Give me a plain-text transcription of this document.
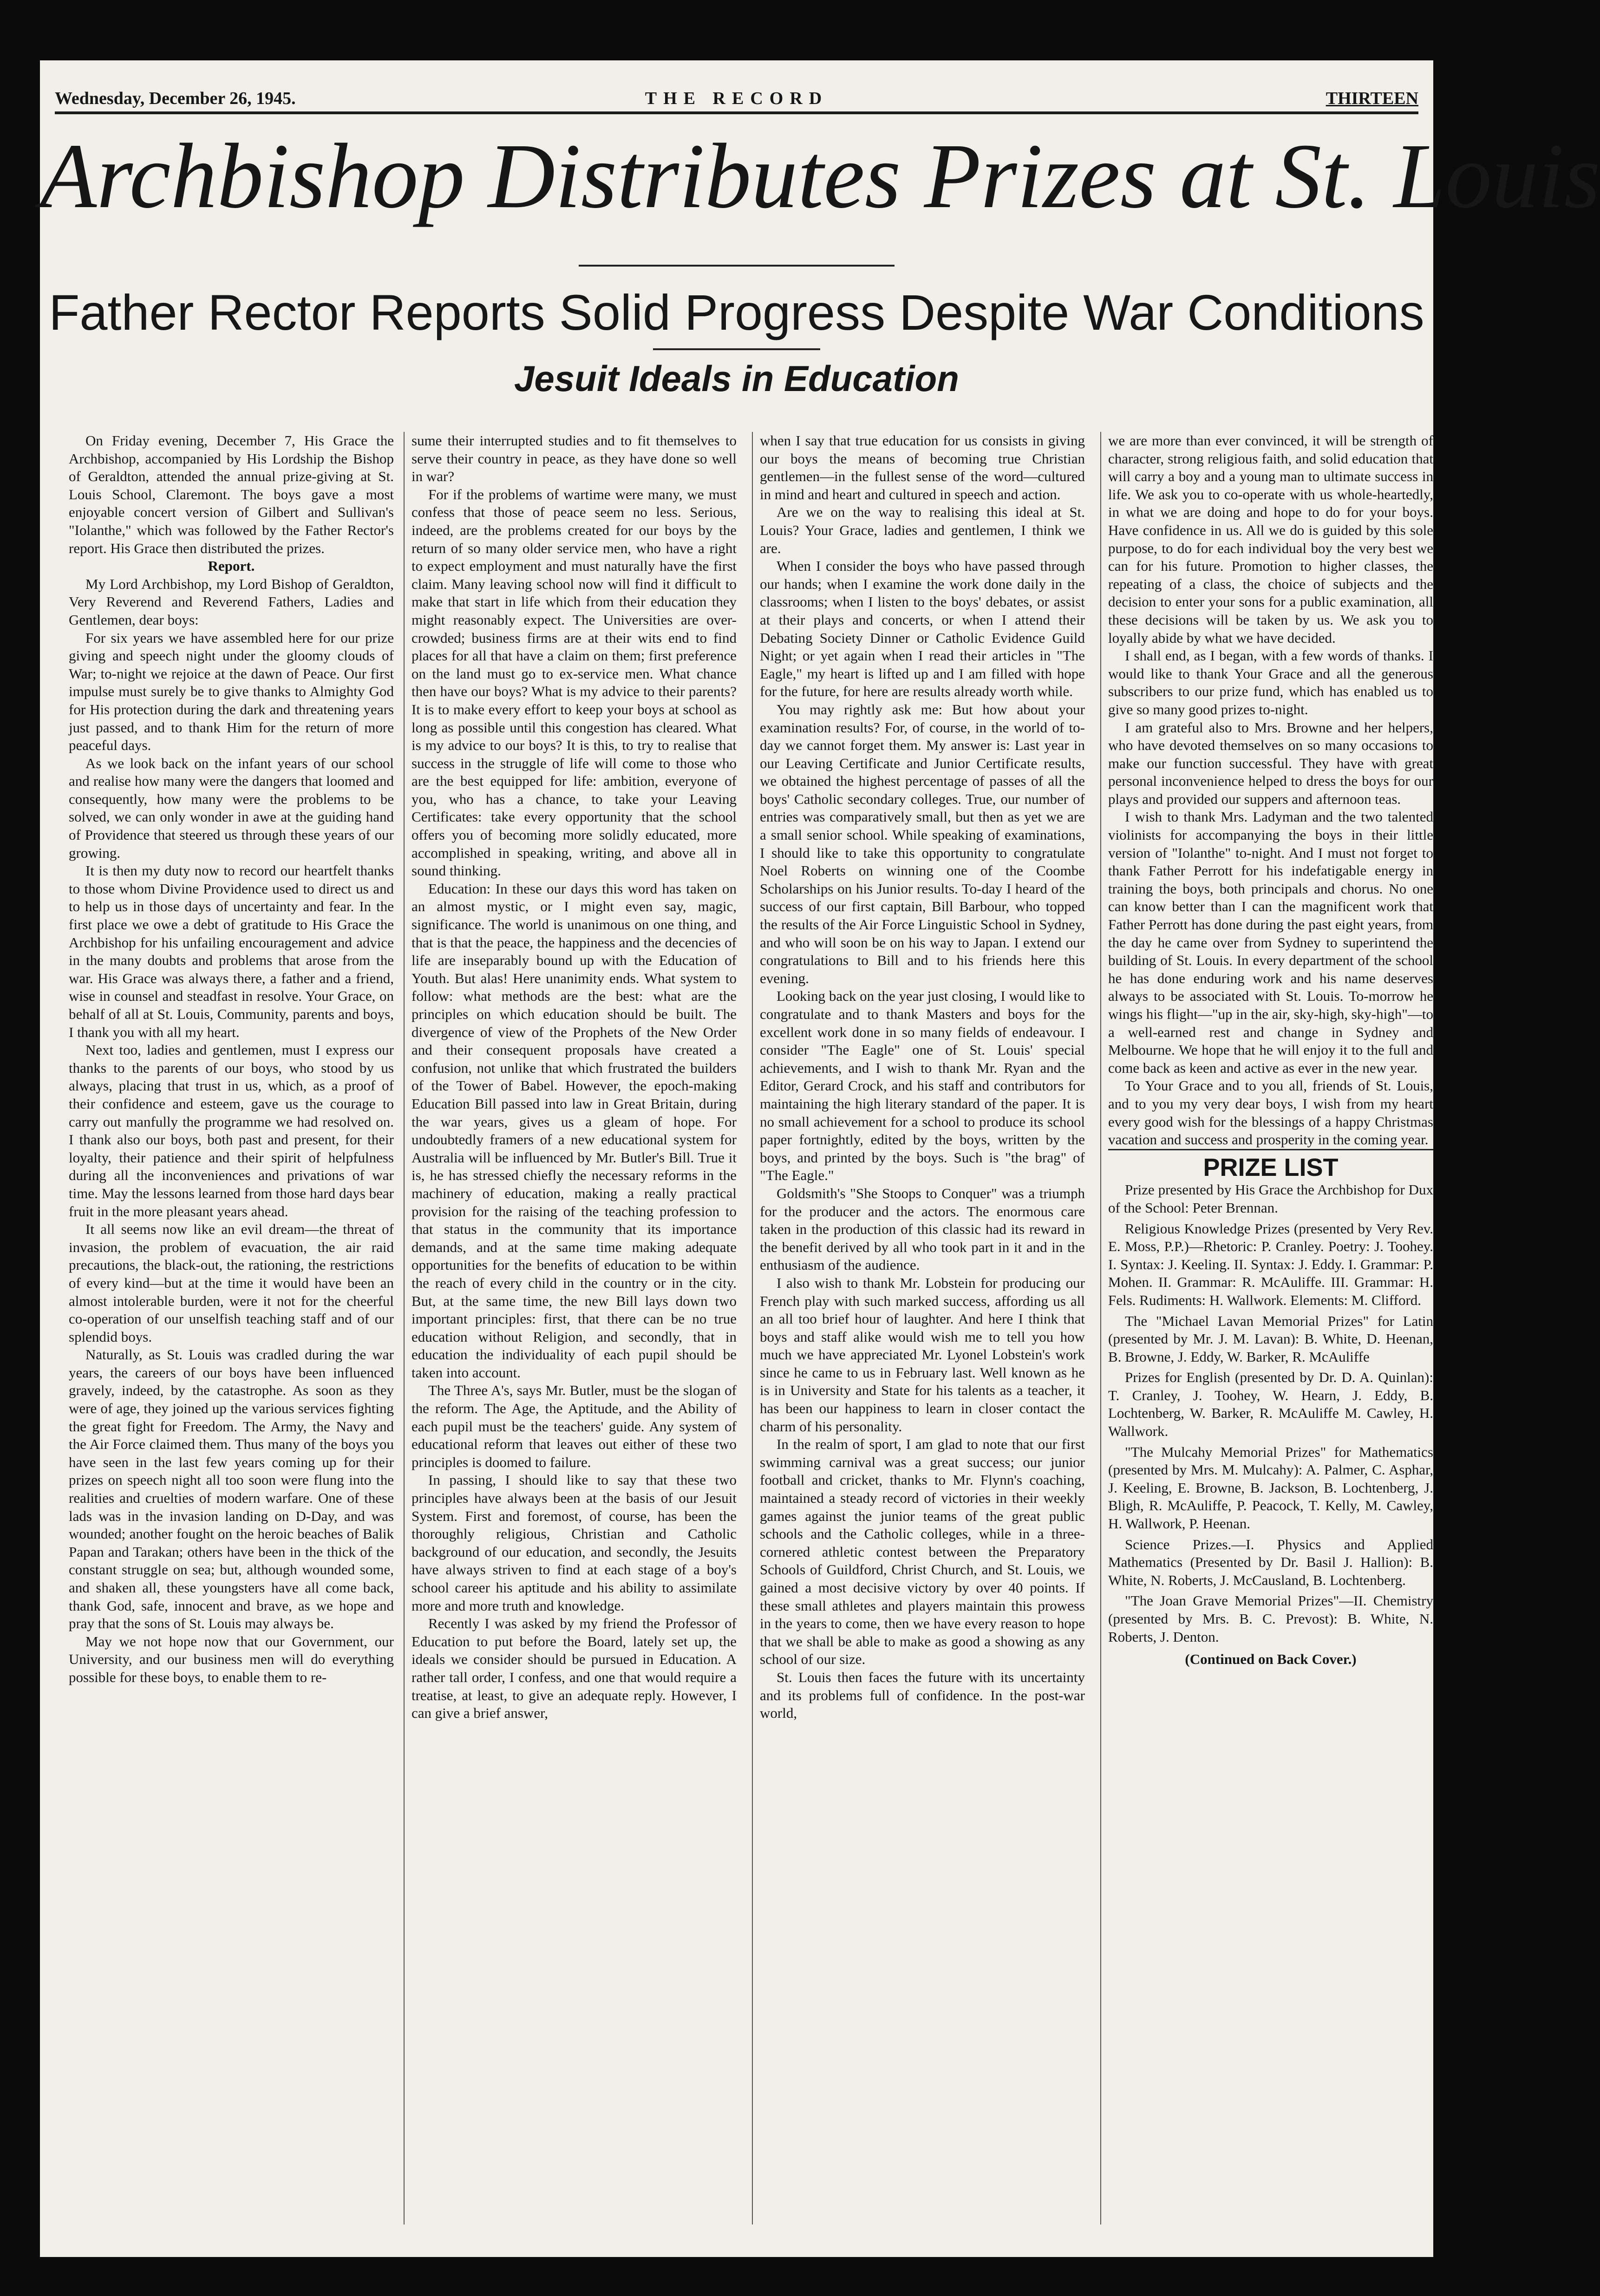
Wednesday, December 26, 1945.	THE RECORD	THIRTEEN
Archbishop Distributes Prizes at St. Louis
Father Rector Reports Solid Progress Despite War Conditions
Jesuit Ideals in Education

On Friday evening, December 7, His Grace the Archbishop, accompanied by His Lordship the Bishop of Geraldton, attended the annual prize-giving at St. Louis School, Claremont. The boys gave a most enjoyable concert version of Gilbert and Sullivan's "Iolanthe," which was followed by the Father Rector's report. His Grace then distributed the prizes.

Report.

My Lord Archbishop, my Lord Bishop of Geraldton, Very Reverend and Reverend Fathers, Ladies and Gentlemen, dear boys:

For six years we have assembled here for our prize giving and speech night under the gloomy clouds of War; to-night we rejoice at the dawn of Peace. Our first impulse must surely be to give thanks to Almighty God for His protection during the dark and threatening years just passed, and to thank Him for the return of more peaceful days.

As we look back on the infant years of our school and realise how many were the dangers that loomed and consequently, how many were the problems to be solved, we can only wonder in awe at the guiding hand of Providence that steered us through these years of our growing.

It is then my duty now to record our heartfelt thanks to those whom Divine Providence used to direct us and to help us in those days of uncertainty and fear. In the first place we owe a debt of gratitude to His Grace the Archbishop for his unfailing encouragement and advice in the many doubts and problems that arose from the war. His Grace was always there, a father and a friend, wise in counsel and steadfast in resolve. Your Grace, on behalf of all at St. Louis, Community, parents and boys, I thank you with all my heart.

Next too, ladies and gentlemen, must I express our thanks to the parents of our boys, who stood by us always, placing that trust in us, which, as a proof of their confidence and esteem, gave us the courage to carry out manfully the programme we had resolved on. I thank also our boys, both past and present, for their loyalty, their patience and their spirit of helpfulness during all the inconveniences and privations of war time. May the lessons learned from those hard days bear fruit in the more pleasant years ahead.

It all seems now like an evil dream—the threat of invasion, the problem of evacuation, the air raid precautions, the black-out, the rationing, the restrictions of every kind—but at the time it would have been an almost intolerable burden, were it not for the cheerful co-operation of our unselfish teaching staff and of our splendid boys.

Naturally, as St. Louis was cradled during the war years, the careers of our boys have been influenced gravely, indeed, by the catastrophe. As soon as they were of age, they joined up the various services fighting the great fight for Freedom. The Army, the Navy and the Air Force claimed them. Thus many of the boys you have seen in the last few years coming up for their prizes on speech night all too soon were flung into the realities and cruelties of modern warfare. One of these lads was in the invasion landing on D-Day, and was wounded; another fought on the heroic beaches of Balik Papan and Tarakan; others have been in the thick of the constant struggle on sea; but, although wounded some, and shaken all, these youngsters have all come back, thank God, safe, innocent and brave, as we hope and pray that the sons of St. Louis may always be.

May we not hope now that our Government, our University, and our business men will do everything possible for these boys, to enable them to re-

sume their interrupted studies and to fit themselves to serve their country in peace, as they have done so well in war?

For if the problems of wartime were many, we must confess that those of peace seem no less. Serious, indeed, are the problems created for our boys by the return of so many older service men, who have a right to expect employment and must naturally have the first claim. Many leaving school now will find it difficult to make that start in life which from their education they might reasonably expect. The Universities are over-crowded; business firms are at their wits end to find places for all that have a claim on them; first preference on the land must go to ex-service men. What chance then have our boys? What is my advice to their parents? It is to make every effort to keep your boys at school as long as possible until this congestion has cleared. What is my advice to our boys? It is this, to try to realise that success in the struggle of life will come to those who are the best equipped for life: ambition, everyone of you, who has a chance, to take your Leaving Certificates: take every opportunity that the school offers you of becoming more solidly educated, more accomplished in speaking, writing, and above all in sound thinking.

Education: In these our days this word has taken on an almost mystic, or I might even say, magic, significance. The world is unanimous on one thing, and that is that the peace, the happiness and the decencies of life are inseparably bound up with the Education of Youth. But alas! Here unanimity ends. What system to follow: what methods are the best: what are the principles on which education should be built. The divergence of view of the Prophets of the New Order and their consequent proposals have created a confusion, not unlike that which frustrated the builders of the Tower of Babel. However, the epoch-making Education Bill passed into law in Great Britain, during the war years, gives us a gleam of hope. For undoubtedly framers of a new educational system for Australia will be influenced by Mr. Butler's Bill. True it is, he has stressed chiefly the necessary reforms in the machinery of education, making a really practical provision for the raising of the teaching profession to that status in the community that its importance demands, and at the same time making adequate opportunities for the benefits of education to be within the reach of every child in the country or in the city. But, at the same time, the new Bill lays down two important principles: first, that there can be no true education without Religion, and secondly, that in education the individuality of each pupil should be taken into account.

The Three A's, says Mr. Butler, must be the slogan of the reform. The Age, the Aptitude, and the Ability of each pupil must be the teachers' guide. Any system of educational reform that leaves out either of these two principles is doomed to failure.

In passing, I should like to say that these two principles have always been at the basis of our Jesuit System. First and foremost, of course, has been the thoroughly religious, Christian and Catholic background of our education, and secondly, the Jesuits have always striven to find at each stage of a boy's school career his aptitude and his ability to assimilate more and more truth and knowledge.

Recently I was asked by my friend the Professor of Education to put before the Board, lately set up, the ideals we consider should be pursued in Education. A rather tall order, I confess, and one that would require a treatise, at least, to give an adequate reply. However, I can give a brief answer,

when I say that true education for us consists in giving our boys the means of becoming true Christian gentlemen—in the fullest sense of the word—cultured in mind and heart and cultured in speech and action.

Are we on the way to realising this ideal at St. Louis? Your Grace, ladies and gentlemen, I think we are.

When I consider the boys who have passed through our hands; when I examine the work done daily in the classrooms; when I listen to the boys' debates, or assist at their plays and concerts, or when I attend their Debating Society Dinner or Catholic Evidence Guild Night; or yet again when I read their articles in "The Eagle," my heart is lifted up and I am filled with hope for the future, for here are results already worth while.

You may rightly ask me: But how about your examination results? For, of course, in the world of to-day we cannot forget them. My answer is: Last year in our Leaving Certificate and Junior Certificate results, we obtained the highest percentage of passes of all the boys' Catholic secondary colleges. True, our number of entries was comparatively small, but then as yet we are a small senior school. While speaking of examinations, I should like to take this opportunity to congratulate Noel Roberts on winning one of the Coombe Scholarships on his Junior results. To-day I heard of the success of our first captain, Bill Barbour, who topped the results of the Air Force Linguistic School in Sydney, and who will soon be on his way to Japan. I extend our congratulations to Bill and to his friends here this evening.

Looking back on the year just closing, I would like to congratulate and to thank Masters and boys for the excellent work done in so many fields of endeavour. I consider "The Eagle" one of St. Louis' special achievements, and I wish to thank Mr. Ryan and the Editor, Gerard Crock, and his staff and contributors for maintaining the high literary standard of the paper. It is no small achievement for a school to produce its school paper fortnightly, edited by the boys, written by the boys, and printed by the boys. Such is "the brag" of "The Eagle."

Goldsmith's "She Stoops to Conquer" was a triumph for the producer and the actors. The enormous care taken in the production of this classic had its reward in the benefit derived by all who took part in it and in the enthusiasm of the audience.

I also wish to thank Mr. Lobstein for producing our French play with such marked success, affording us all an all too brief hour of laughter. And here I think that boys and staff alike would wish me to tell you how much we have appreciated Mr. Lyonel Lobstein's work since he came to us in February last. Well known as he is in University and State for his talents as a teacher, it has been our happiness to learn in closer contact the charm of his personality.

In the realm of sport, I am glad to note that our first swimming carnival was a great success; our junior football and cricket, thanks to Mr. Flynn's coaching, maintained a steady record of victories in their weekly games against the junior teams of the great public schools and the Catholic colleges, while in a three-cornered athletic contest between the Preparatory Schools of Guildford, Christ Church, and St. Louis, we gained a most decisive victory by over 40 points. If these small athletes and players maintain this prowess in the years to come, then we have every reason to hope that we shall be able to make as good a showing as any school of our size.

St. Louis then faces the future with its uncertainty and its problems full of confidence. In the post-war world,

we are more than ever convinced, it will be strength of character, strong religious faith, and solid education that will carry a boy and a young man to ultimate success in life. We ask you to co-operate with us whole-heartedly, in what we are doing and hope to do for your boys. Have confidence in us. All we do is guided by this sole purpose, to do for each individual boy the very best we can for his future. Promotion to higher classes, the repeating of a class, the choice of subjects and the decision to enter your sons for a public examination, all these decisions will be taken by us. We ask you to loyally abide by what we have decided.

I shall end, as I began, with a few words of thanks. I would like to thank Your Grace and all the generous subscribers to our prize fund, which has enabled us to give so many good prizes to-night.

I am grateful also to Mrs. Browne and her helpers, who have devoted themselves on so many occasions to make our function successful. They have with great personal inconvenience helped to dress the boys for our plays and provided our suppers and afternoon teas.

I wish to thank Mrs. Ladyman and the two talented violinists for accompanying the boys in their little version of "Iolanthe" to-night. And I must not forget to thank Father Perrott for his indefatigable energy in training the boys, both principals and chorus. No one can know better than I can the magnificent work that Father Perrott has done during the past eight years, from the day he came over from Sydney to superintend the building of St. Louis. In every department of the school he has done enduring work and his name deserves always to be associated with St. Louis. To-morrow he wings his flight—"up in the air, sky-high, sky-high"—to a well-earned rest and change in Sydney and Melbourne. We hope that he will enjoy it to the full and come back as keen and active as ever in the new year.

To Your Grace and to you all, friends of St. Louis, and to you my very dear boys, I wish from my heart every good wish for the blessings of a happy Christmas vacation and success and prosperity in the coming year.

PRIZE LIST

Prize presented by His Grace the Archbishop for Dux of the School: Peter Brennan.

Religious Knowledge Prizes (presented by Very Rev. E. Moss, P.P.)—Rhetoric: P. Cranley. Poetry: J. Toohey. I. Syntax: J. Keeling. II. Syntax: J. Eddy. I. Grammar: P. Mohen. II. Grammar: R. McAuliffe. III. Grammar: H. Fels. Rudiments: H. Wallwork. Elements: M. Clifford.

The "Michael Lavan Memorial Prizes" for Latin (presented by Mr. J. M. Lavan): B. White, D. Heenan, B. Browne, J. Eddy, W. Barker, R. McAuliffe

Prizes for English (presented by Dr. D. A. Quinlan): T. Cranley, J. Toohey, W. Hearn, J. Eddy, B. Lochtenberg, W. Barker, R. McAuliffe M. Cawley, H. Wallwork.

"The Mulcahy Memorial Prizes" for Mathematics (presented by Mrs. M. Mulcahy): A. Palmer, C. Asphar, J. Keeling, E. Browne, B. Jackson, B. Lochtenberg, J. Bligh, R. McAuliffe, P. Peacock, T. Kelly, M. Cawley, H. Wallwork, P. Heenan.

Science Prizes.—I. Physics and Applied Mathematics (Presented by Dr. Basil J. Hallion): B. White, N. Roberts, J. McCausland, B. Lochtenberg.

"The Joan Grave Memorial Prizes"—II. Chemistry (presented by Mrs. B. C. Prevost): B. White, N. Roberts, J. Denton.

(Continued on Back Cover.)
